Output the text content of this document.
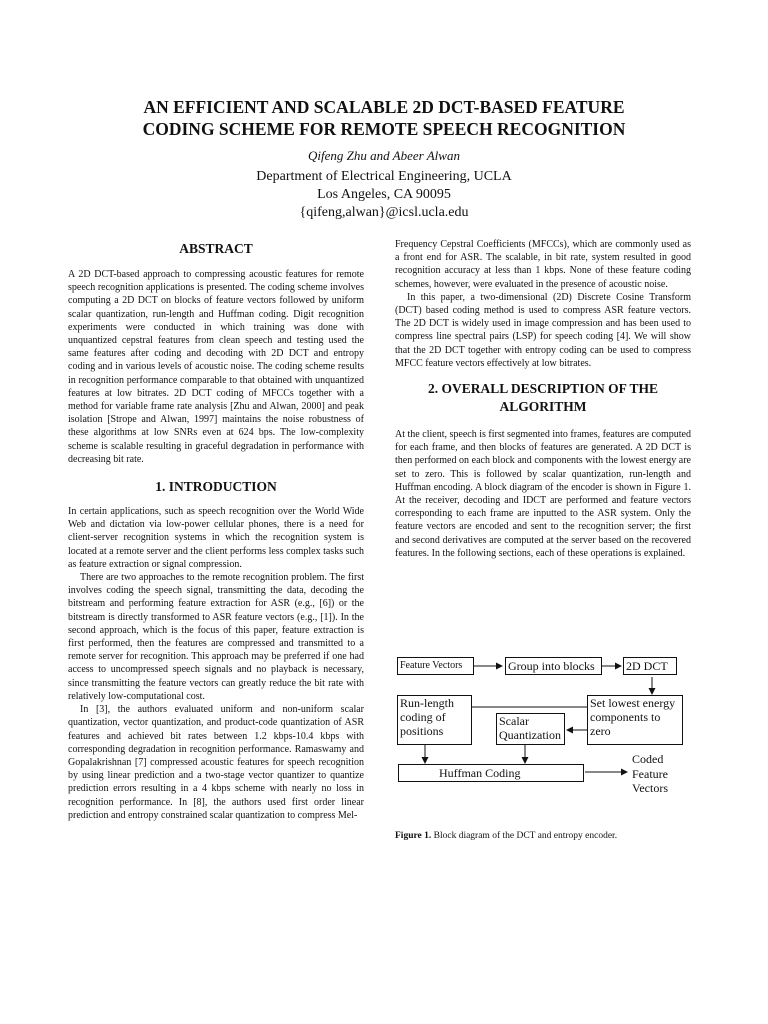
AN EFFICIENT AND SCALABLE 2D DCT-BASED FEATURE
CODING SCHEME FOR REMOTE SPEECH RECOGNITION
Qifeng Zhu and Abeer Alwan
Department of Electrical Engineering, UCLA
Los Angeles, CA 90095
{qifeng,alwan}@icsl.ucla.edu
ABSTRACT

A 2D DCT-based approach to compressing acoustic features for remote speech recognition applications is presented. The coding scheme involves computing a 2D DCT on blocks of feature vectors followed by uniform scalar quantization, run-length and Huffman coding. Digit recognition experiments were conducted in which training was done with unquantized cepstral features from clean speech and testing used the same features after coding and decoding with 2D DCT and entropy coding and in various levels of acoustic noise. The coding scheme results in recognition performance comparable to that obtained with unquantized features at low bitrates. 2D DCT coding of MFCCs together with a method for variable frame rate analysis [Zhu and Alwan, 2000] and peak isolation [Strope and Alwan, 1997] maintains the noise robustness of these algorithms at low SNRs even at 624 bps. The low-complexity scheme is scalable resulting in graceful degradation in performance with decreasing bit rate.

1. INTRODUCTION

In certain applications, such as speech recognition over the World Wide Web and dictation via low-power cellular phones, there is a need for client-server recognition systems in which the recognition system is located at a remote server and the client performs less complex tasks such as feature extraction or signal compression.

There are two approaches to the remote recognition problem. The first involves coding the speech signal, transmitting the data, decoding the bitstream and performing feature extraction for ASR (e.g., [6]) or the bitstream is directly transformed to ASR feature vectors (e.g., [1]). In the second approach, which is the focus of this paper, feature extraction is first performed, then the features are compressed and transmitted to a remote server for recognition. This approach may be preferred if one had access to uncompressed speech signals and no playback is necessary, since transmitting the feature vectors can greatly reduce the bit rate with relatively low-computational cost.

In [3], the authors evaluated uniform and non-uniform scalar quantization, vector quantization, and product-code quantization of ASR features and achieved bit rates between 1.2 kbps-10.4 kbps with corresponding degradation in recognition performance. Ramaswamy and Gopalakrishnan [7] compressed acoustic features for speech recognition by using linear prediction and a two-stage vector quantizer to quantize prediction errors resulting in a 4 kbps scheme with nearly no loss in recognition performance. In [8], the authors used first order linear prediction and entropy constrained scalar quantization to compress Mel-

Frequency Cepstral Coefficients (MFCCs), which are commonly used as a front end for ASR. The scalable, in bit rate, system resulted in good recognition accuracy at less than 1 kbps. None of these feature coding schemes, however, were evaluated in the presence of acoustic noise.

In this paper, a two-dimensional (2D) Discrete Cosine Transform (DCT) based coding method is used to compress ASR feature vectors. The 2D DCT is widely used in image compression and has been used to compress line spectral pairs (LSP) for speech coding [4]. We will show that the 2D DCT together with entropy coding can be used to compress MFCC feature vectors effectively at low bitrates.

2. OVERALL DESCRIPTION OF THE
ALGORITHM

At the client, speech is first segmented into frames, features are computed for each frame, and then blocks of features are generated. A 2D DCT is then performed on each block and components with the lowest energy are set to zero. This is followed by scalar quantization, run-length and Huffman encoding. A block diagram of the encoder is shown in Figure 1. At the receiver, decoding and IDCT are performed and feature vectors corresponding to each frame are inputted to the ASR system. Only the feature vectors are encoded and sent to the recognition server; the first and second derivatives are computed at the server based on the recovered features. In the following sections, each of these operations is explained.

Feature Vectors	Group into blocks	2D DCT
Set lowest energy
components to
zero
Scalar
Quantization
Run-length
coding of
positions
Huffman Coding
Coded
Feature
Vectors
Figure 1. Block diagram of the DCT and entropy encoder.
